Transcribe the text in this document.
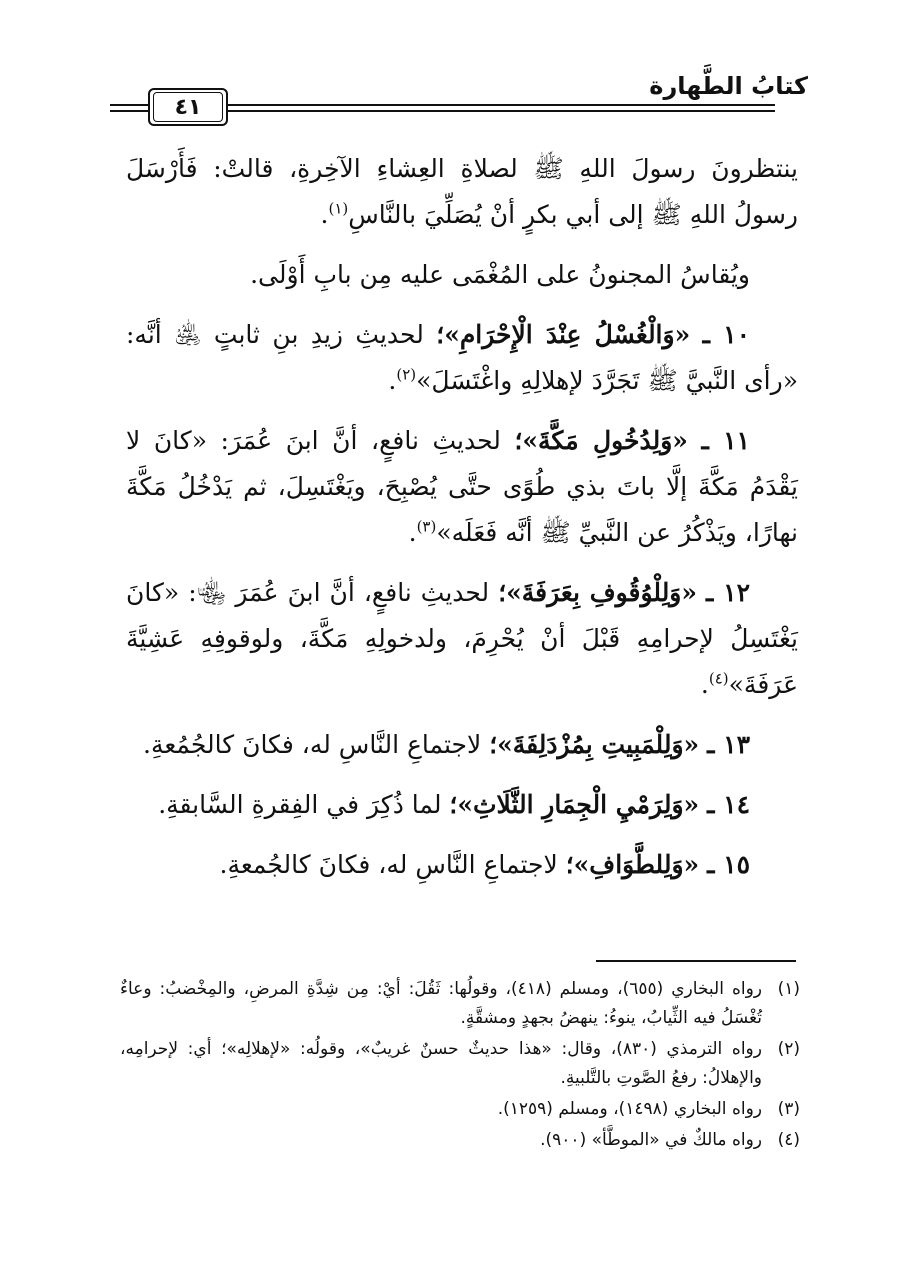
كتابُ الطَّهارة
٤١

ينتظرونَ رسولَ اللهِ ﷺ لصلاةِ العِشاءِ الآخِرةِ، قالتْ: فَأَرْسَلَ رسولُ اللهِ ﷺ إلى أبي بكرٍ أنْ يُصَلِّيَ بالنَّاسِ$^{(١)}$.

ويُقاسُ المجنونُ على المُغْمَى عليه مِن بابِ أَوْلَى.

١٠ ـ «وَالْغُسْلُ عِنْدَ الْإِحْرَامِ»؛ لحديثِ زيدِ بنِ ثابتٍ ﵁ أنَّه: «رأى النَّبيَّ ﷺ تَجَرَّدَ لإهلالِهِ واغْتَسَلَ»$^{(٢)}$.

١١ ـ «وَلِدُخُولِ مَكَّةَ»؛ لحديثِ نافعٍ، أنَّ ابنَ عُمَرَ: «كانَ لا يَقْدَمُ مَكَّةَ إلَّا باتَ بذي طُوًى حتَّى يُصْبِحَ، ويَغْتَسِلَ، ثم يَدْخُلُ مَكَّةَ نهارًا، ويَذْكُرُ عن النَّبيِّ ﷺ أنَّه فَعَلَه»$^{(٣)}$.

١٢ ـ «وَلِلْوُقُوفِ بِعَرَفَةَ»؛ لحديثِ نافعٍ، أنَّ ابنَ عُمَرَ ﵄: «كانَ يَغْتَسِلُ لإحرامِهِ قَبْلَ أنْ يُحْرِمَ، ولدخولِهِ مَكَّةَ، ولوقوفِهِ عَشِيَّةَ عَرَفَةَ»$^{(٤)}$.

١٣ ـ «وَلِلْمَبِيتِ بِمُزْدَلِفَةَ»؛ لاجتماعِ النَّاسِ له، فكانَ كالجُمُعةِ.

١٤ ـ «وَلِرَمْيِ الْجِمَارِ الثَّلَاثِ»؛ لما ذُكِرَ في الفِقرةِ السَّابقةِ.

١٥ ـ «وَلِلطَّوَافِ»؛ لاجتماعِ النَّاسِ له، فكانَ كالجُمعةِ.

(١)
رواه البخاري (٦٥٥)، ومسلم (٤١٨)، وقولُها: ثَقُلَ: أيْ: مِن شِدَّةِ المرضِ، والمِخْضبُ: وعاءٌ تُغْسَلُ فيه الثِّيابُ، ينوءُ: ينهضُ بجهدٍ ومشقَّةٍ.
(٢)
رواه الترمذي (٨٣٠)، وقال: «هذا حديثٌ حسنٌ غريبٌ»، وقولُه: «لإهلالِه»؛ أي: لإحرامِه، والإهلالُ: رفعُ الصَّوتِ بالتَّلبيةِ.
(٣)
رواه البخاري (١٤٩٨)، ومسلم (١٢٥٩).
(٤)
رواه مالكٌ في «الموطَّأ» (٩٠٠).
